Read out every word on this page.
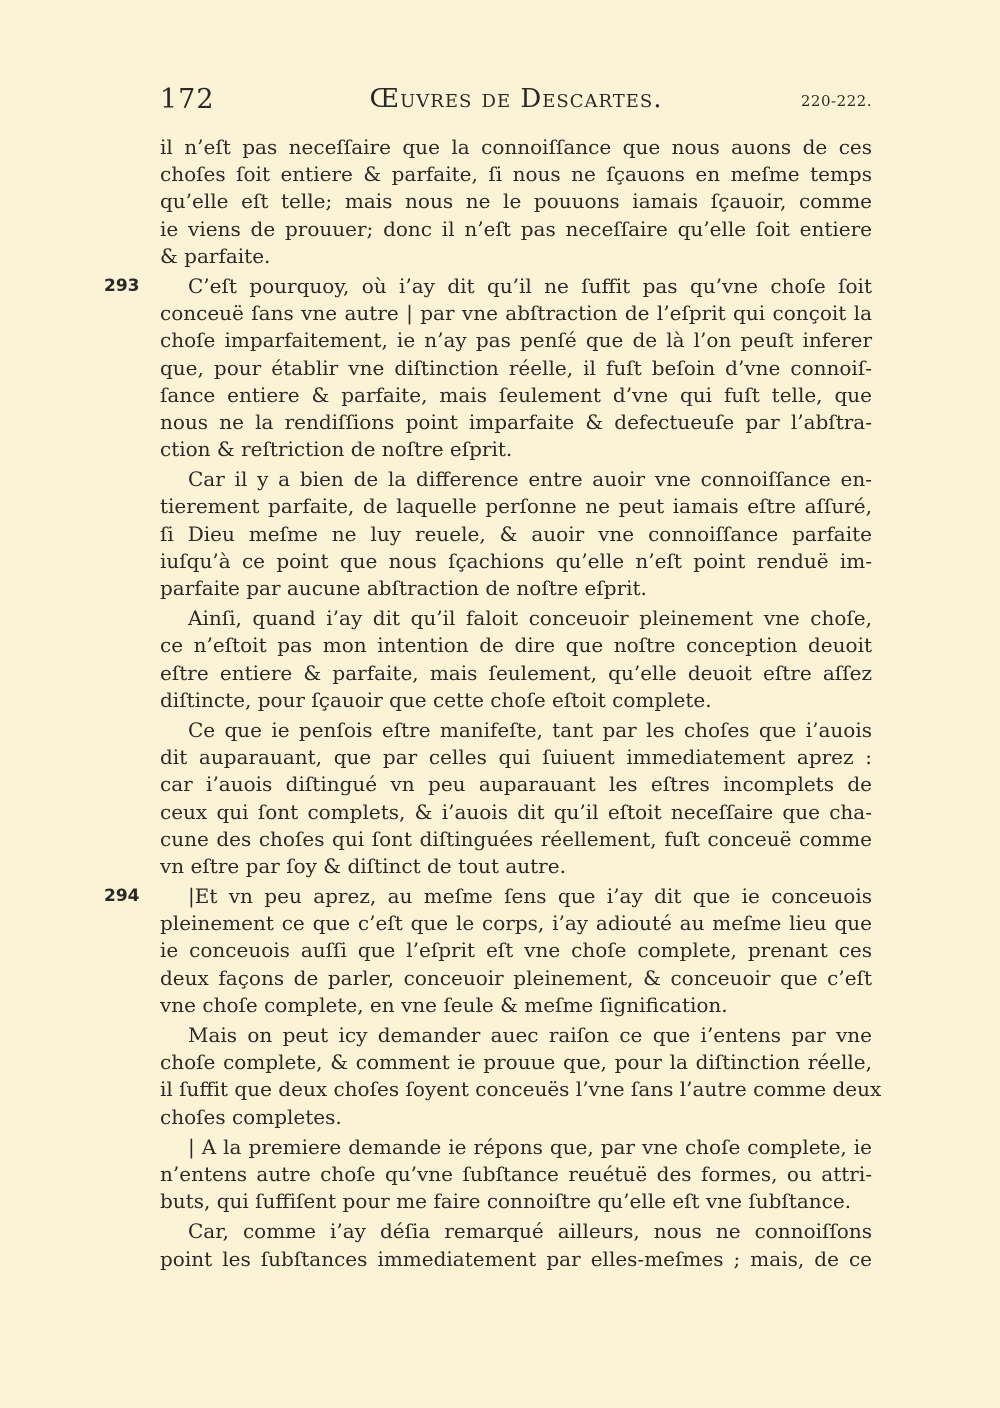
172	Œuvres de Descartes.	220-222.
il n’eſt pas neceſſaire que la connoiſſance que nous auons de ces
choſes ſoit entiere & parfaite, ſi nous ne ſçauons en meſme temps
qu’elle eſt telle; mais nous ne le pouuons iamais ſçauoir, comme
ie viens de prouuer; donc il n’eſt pas neceſſaire qu’elle ſoit entiere
& parfaite.
293 C’eſt pourquoy, où i’ay dit qu’il ne ſuffit pas qu’vne choſe ſoit
conceuë ſans vne autre | par vne abſtraction de l’eſprit qui conçoit la
choſe imparfaitement, ie n’ay pas penſé que de là l’on peuſt inferer
que, pour établir vne diſtinction réelle, il fuſt beſoin d’vne connoiſ-
ſance entiere & parfaite, mais ſeulement d’vne qui fuſt telle, que
nous ne la rendiſſions point imparfaite & defectueuſe par l’abſtra-
ction & reſtriction de noſtre eſprit.
Car il y a bien de la difference entre auoir vne connoiſſance en-
tierement parfaite, de laquelle perſonne ne peut iamais eſtre aſſuré,
ſi Dieu meſme ne luy reuele, & auoir vne connoiſſance parfaite
iuſqu’à ce point que nous ſçachions qu’elle n’eſt point renduë im-
parfaite par aucune abſtraction de noſtre eſprit.
Ainſi, quand i’ay dit qu’il faloit conceuoir pleinement vne choſe,
ce n’eſtoit pas mon intention de dire que noſtre conception deuoit
eſtre entiere & parfaite, mais ſeulement, qu’elle deuoit eſtre aſſez
diſtincte, pour ſçauoir que cette choſe eſtoit complete.
Ce que ie penſois eſtre manifeſte, tant par les choſes que i’auois
dit auparauant, que par celles qui ſuiuent immediatement aprez :
car i’auois diſtingué vn peu auparauant les eſtres incomplets de
ceux qui ſont complets, & i’auois dit qu’il eſtoit neceſſaire que cha-
cune des choſes qui ſont diſtinguées réellement, fuſt conceuë comme
vn eſtre par ſoy & diſtinct de tout autre.
294 |Et vn peu aprez, au meſme ſens que i’ay dit que ie conceuois
pleinement ce que c’eſt que le corps, i’ay adiouté au meſme lieu que
ie conceuois auſſi que l’eſprit eſt vne choſe complete, prenant ces
deux façons de parler, conceuoir pleinement, & conceuoir que c’eſt
vne choſe complete, en vne ſeule & meſme ſignification.
Mais on peut icy demander auec raiſon ce que i’entens par vne
choſe complete, & comment ie prouue que, pour la diſtinction réelle,
il ſuffit que deux choſes ſoyent conceuës l’vne ſans l’autre comme deux
choſes completes.
| A la premiere demande ie répons que, par vne choſe complete, ie
n’entens autre choſe qu’vne ſubſtance reuétuë des formes, ou attri-
buts, qui ſuffiſent pour me faire connoiſtre qu’elle eſt vne ſubſtance.
Car, comme i’ay déſia remarqué ailleurs, nous ne connoiſſons
point les ſubſtances immediatement par elles-meſmes ; mais, de ce
